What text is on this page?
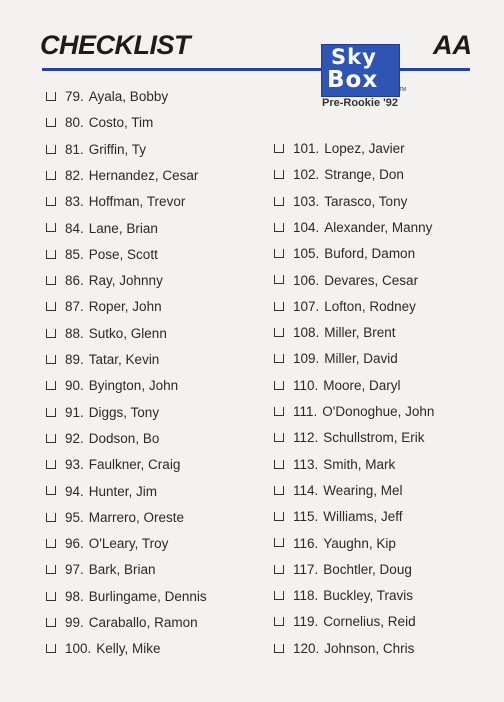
CHECKLIST	AA
Sky
Box	TM
Pre-Rookie '92
79. Ayala, Bobby
80. Costo, Tim
81. Griffin, Ty
82. Hernandez, Cesar
83. Hoffman, Trevor
84. Lane, Brian
85. Pose, Scott
86. Ray, Johnny
87. Roper, John
88. Sutko, Glenn
89. Tatar, Kevin
90. Byington, John
91. Diggs, Tony
92. Dodson, Bo
93. Faulkner, Craig
94. Hunter, Jim
95. Marrero, Oreste
96. O'Leary, Troy
97. Bark, Brian
98. Burlingame, Dennis
99. Caraballo, Ramon
100. Kelly, Mike
101. Lopez, Javier
102. Strange, Don
103. Tarasco, Tony
104. Alexander, Manny
105. Buford, Damon
106. Devares, Cesar
107. Lofton, Rodney
108. Miller, Brent
109. Miller, David
110. Moore, Daryl
111. O'Donoghue, John
112. Schullstrom, Erik
113. Smith, Mark
114. Wearing, Mel
115. Williams, Jeff
116. Yaughn, Kip
117. Bochtler, Doug
118. Buckley, Travis
119. Cornelius, Reid
120. Johnson, Chris
